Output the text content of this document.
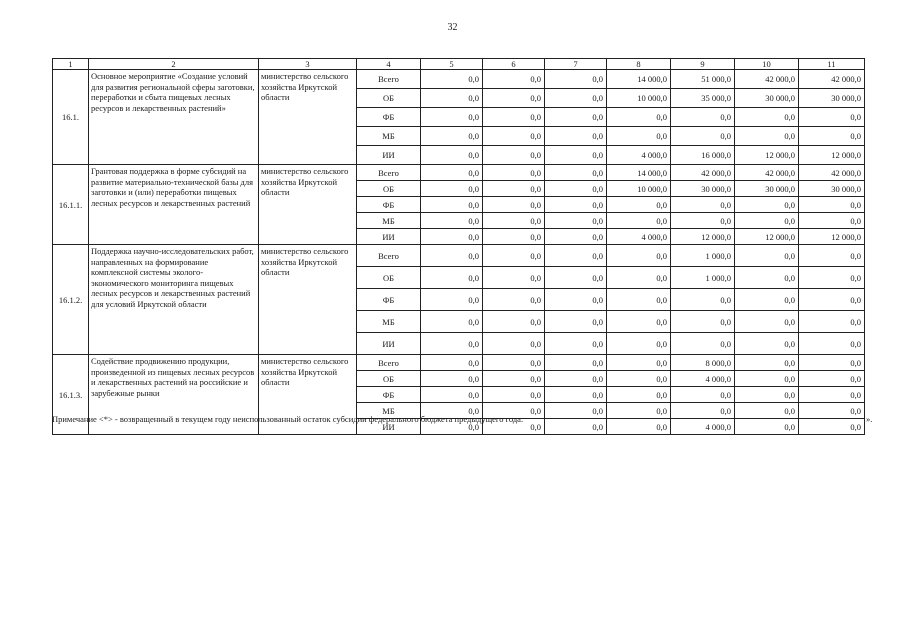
32
1	2	3	4	5	6	7	8	9	10	11
16.1.	Основное мероприятие «Создание условий для развития региональной сферы заготовки, переработки и сбыта пищевых лесных ресурсов и лекарственных растений»	министерство сельского хозяйства Иркутской области	Всего	0,0	0,0	0,0	14 000,0	51 000,0	42 000,0	42 000,0
			ОБ	0,0	0,0	0,0	10 000,0	35 000,0	30 000,0	30 000,0
			ФБ	0,0	0,0	0,0	0,0	0,0	0,0	0,0
			МБ	0,0	0,0	0,0	0,0	0,0	0,0	0,0
			ИИ	0,0	0,0	0,0	4 000,0	16 000,0	12 000,0	12 000,0
16.1.1.	Грантовая поддержка в форме субсидий на развитие материально-технической базы для заготовки и (или) переработки пищевых лесных ресурсов и лекарственных растений	министерство сельского хозяйства Иркутской области	Всего	0,0	0,0	0,0	14 000,0	42 000,0	42 000,0	42 000,0
			ОБ	0,0	0,0	0,0	10 000,0	30 000,0	30 000,0	30 000,0
			ФБ	0,0	0,0	0,0	0,0	0,0	0,0	0,0
			МБ	0,0	0,0	0,0	0,0	0,0	0,0	0,0
			ИИ	0,0	0,0	0,0	4 000,0	12 000,0	12 000,0	12 000,0
16.1.2.	Поддержка научно-исследовательских работ, направленных на формирование комплексной системы эколого-экономического мониторинга пищевых лесных ресурсов и лекарственных растений для условий Иркутской области	министерство сельского хозяйства Иркутской области	Всего	0,0	0,0	0,0	0,0	1 000,0	0,0	0,0
			ОБ	0,0	0,0	0,0	0,0	1 000,0	0,0	0,0
			ФБ	0,0	0,0	0,0	0,0	0,0	0,0	0,0
			МБ	0,0	0,0	0,0	0,0	0,0	0,0	0,0
			ИИ	0,0	0,0	0,0	0,0	0,0	0,0	0,0
16.1.3.	Содействие продвижению продукции, произведенной из пищевых лесных ресурсов и лекарственных растений на российские и зарубежные рынки	министерство сельского хозяйства Иркутской области	Всего	0,0	0,0	0,0	0,0	8 000,0	0,0	0,0
			ОБ	0,0	0,0	0,0	0,0	4 000,0	0,0	0,0
			ФБ	0,0	0,0	0,0	0,0	0,0	0,0	0,0
			МБ	0,0	0,0	0,0	0,0	0,0	0,0	0,0
			ИИ	0,0	0,0	0,0	0,0	4 000,0	0,0	0,0
Примечание <*> - возвращенный в текущем году неиспользованный остаток субсидии федерального бюджета предыдущего года.	».
